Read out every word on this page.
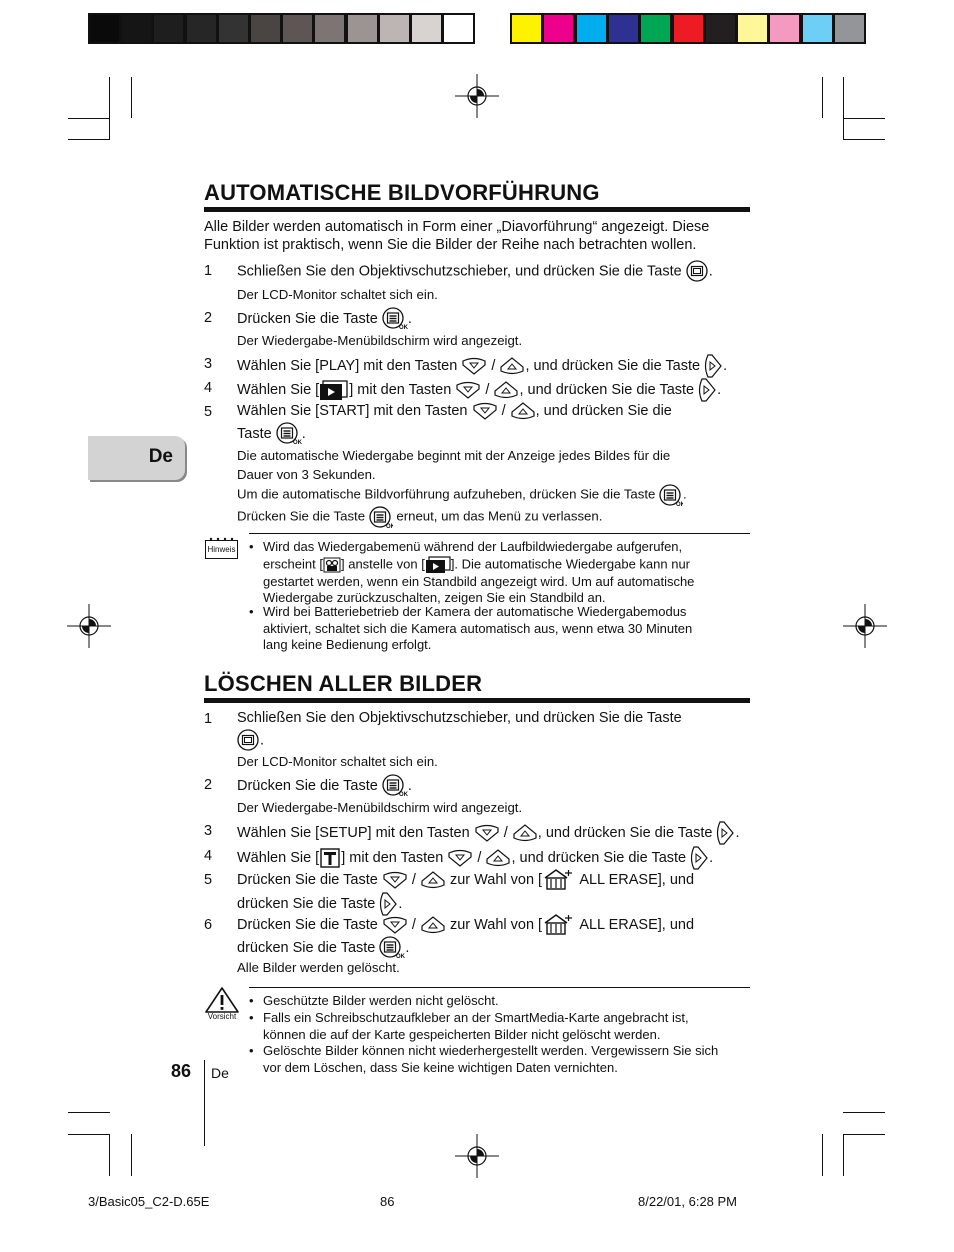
De
AUTOMATISCHE BILDVORFÜHRUNG
Alle Bilder werden automatisch in Form einer „Diavorführung“ angezeigt. Diese
Funktion ist praktisch, wenn Sie die Bilder der Reihe nach betrachten wollen.
1 Schließen Sie den Objektivschutzschieber, und drücken Sie die Taste .
Der LCD-Monitor schaltet sich ein.
2 Drücken Sie die Taste .
Der Wiedergabe-Menübildschirm wird angezeigt.
3 Wählen Sie [PLAY] mit den Tasten / , und drücken Sie die Taste .
4 Wählen Sie [ ] mit den Tasten / , und drücken Sie die Taste .
5 Wählen Sie [START] mit den Tasten / , und drücken Sie die
Taste .
Die automatische Wiedergabe beginnt mit der Anzeige jedes Bildes für die
Dauer von 3 Sekunden.
Um die automatische Bildvorführung aufzuheben, drücken Sie die Taste .
Drücken Sie die Taste erneut, um das Menü zu verlassen.
Hinweis • Wird das Wiedergabemenü während der Laufbildwiedergabe aufgerufen,
erscheint [ ] anstelle von [ ]. Die automatische Wiedergabe kann nur
gestartet werden, wenn ein Standbild angezeigt wird. Um auf automatische
Wiedergabe zurückzuschalten, zeigen Sie ein Standbild an.
• Wird bei Batteriebetrieb der Kamera der automatische Wiedergabemodus
aktiviert, schaltet sich die Kamera automatisch aus, wenn etwa 30 Minuten
lang keine Bedienung erfolgt.
LÖSCHEN ALLER BILDER
1 Schließen Sie den Objektivschutzschieber, und drücken Sie die Taste
.
Der LCD-Monitor schaltet sich ein.
2 Drücken Sie die Taste .
Der Wiedergabe-Menübildschirm wird angezeigt.
3 Wählen Sie [SETUP] mit den Tasten / , und drücken Sie die Taste .
4 Wählen Sie [ ] mit den Tasten / , und drücken Sie die Taste .
5 Drücken Sie die Taste / zur Wahl von [	ALL ERASE], und
drücken Sie die Taste .
6 Drücken Sie die Taste / zur Wahl von [	ALL ERASE], und
drücken Sie die Taste .
Alle Bilder werden gelöscht.
Vorsicht
• Geschützte Bilder werden nicht gelöscht.
• Falls ein Schreibschutzaufkleber an der SmartMedia-Karte angebracht ist,
können die auf der Karte gespeicherten Bilder nicht gelöscht werden.
• Gelöschte Bilder können nicht wiederhergestellt werden. Vergewissern Sie sich
vor dem Löschen, dass Sie keine wichtigen Daten vernichten.
86 De
3/Basic05_C2-D.65E	86	8/22/01, 6:28 PM
